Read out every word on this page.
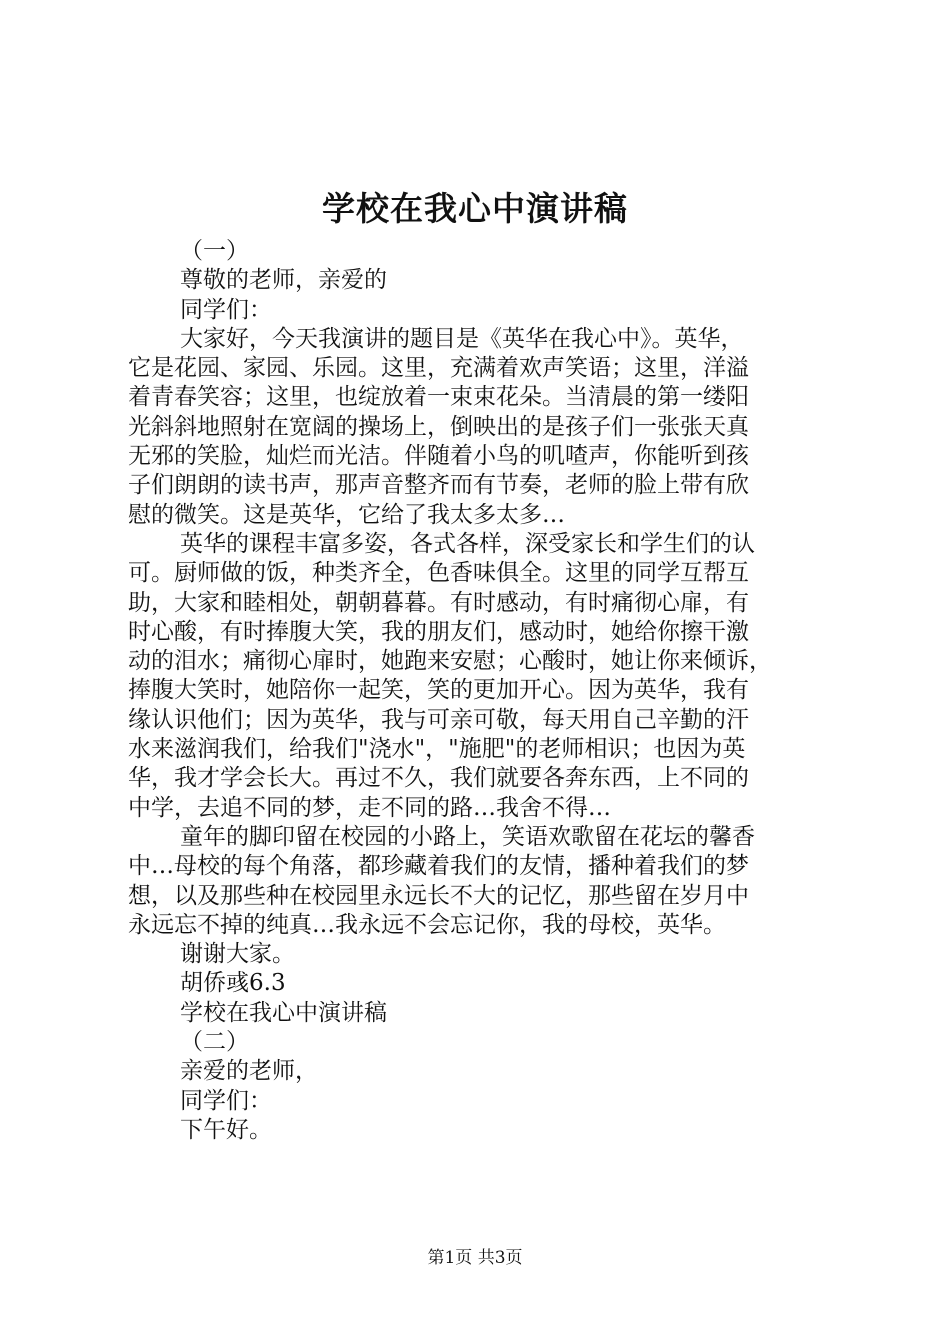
学校在我心中演讲稿
（一）
尊敬的老师，亲爱的
同学们：
大家好，今天我演讲的题目是《英华在我心中》。英华，
它是花园、家园、乐园。这里，充满着欢声笑语；这里，洋溢
着青春笑容；这里，也绽放着一束束花朵。当清晨的第一缕阳
光斜斜地照射在宽阔的操场上，倒映出的是孩子们一张张天真
无邪的笑脸，灿烂而光洁。伴随着小鸟的叽喳声，你能听到孩
子们朗朗的读书声，那声音整齐而有节奏，老师的脸上带有欣
慰的微笑。这是英华，它给了我太多太多…
英华的课程丰富多姿，各式各样，深受家长和学生们的认
可。厨师做的饭，种类齐全，色香味俱全。这里的同学互帮互
助，大家和睦相处，朝朝暮暮。有时感动，有时痛彻心扉，有
时心酸，有时捧腹大笑，我的朋友们，感动时，她给你擦干激
动的泪水；痛彻心扉时，她跑来安慰；心酸时，她让你来倾诉，
捧腹大笑时，她陪你一起笑，笑的更加开心。因为英华，我有
缘认识他们；因为英华，我与可亲可敬，每天用自己辛勤的汗
水来滋润我们，给我们"浇水"，"施肥"的老师相识；也因为英
华，我才学会长大。再过不久，我们就要各奔东西，上不同的
中学，去追不同的梦，走不同的路…我舍不得…
童年的脚印留在校园的小路上，笑语欢歌留在花坛的馨香
中…母校的每个角落，都珍藏着我们的友情，播种着我们的梦
想，以及那些种在校园里永远长不大的记忆，那些留在岁月中
永远忘不掉的纯真…我永远不会忘记你，我的母校，英华。
谢谢大家。
胡侨彧6.3
学校在我心中演讲稿
（二）
亲爱的老师，
同学们：
下午好。
第1页 共3页
